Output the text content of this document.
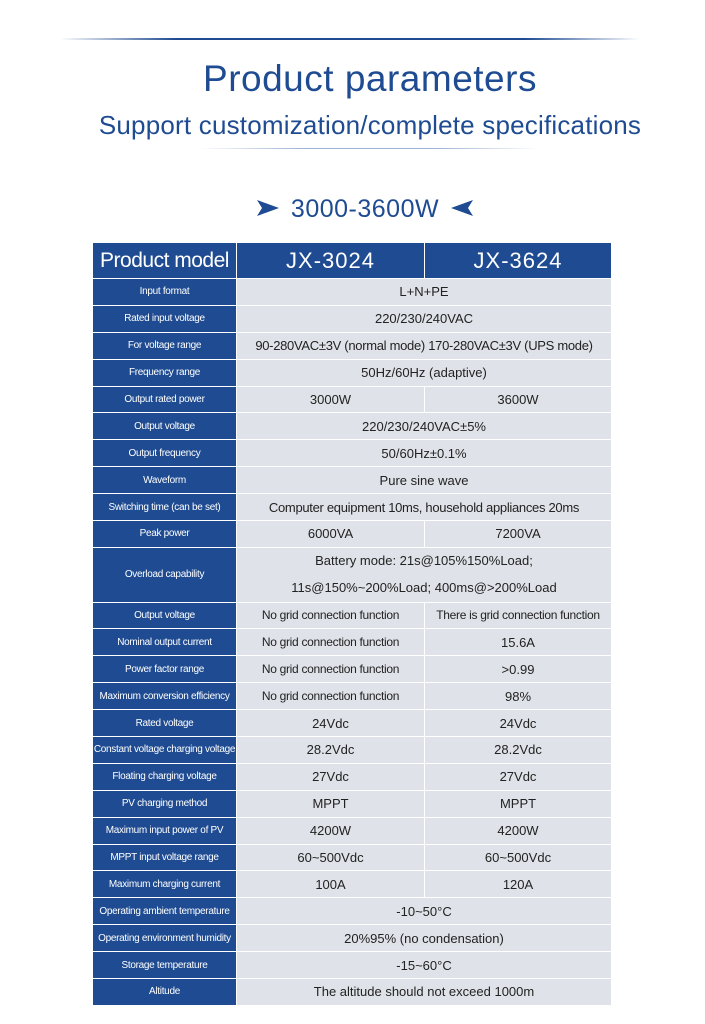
Product parameters
Support customization/complete specifications
3000-3600W
Product model	JX-3024	JX-3624
Input format	L+N+PE	
Rated input voltage	220/230/240VAC	
For voltage range	90-280VAC±3V (normal mode) 170-280VAC±3V (UPS mode)	
Frequency range	50Hz/60Hz (adaptive)	
Output rated power	3000W	3600W
Output voltage	220/230/240VAC±5%	
Output frequency	50/60Hz±0.1%	
Waveform	Pure sine wave	
Switching time (can be set)	Computer equipment 10ms, household appliances 20ms	
Peak power	6000VA	7200VA
Overload capability	Battery mode: 21s@105%150%Load;
11s@150%~200%Load; 400ms@>200%Load	

Output voltage	No grid connection function	There is grid connection function
Nominal output current	No grid connection function	15.6A
Power factor range	No grid connection function	>0.99
Maximum conversion efficiency	No grid connection function	98%
Rated voltage	24Vdc	24Vdc
Constant voltage charging voltage	28.2Vdc	28.2Vdc
Floating charging voltage	27Vdc	27Vdc
PV charging method	MPPT	MPPT
Maximum input power of PV	4200W	4200W
MPPT input voltage range	60~500Vdc	60~500Vdc
Maximum charging current	100A	120A
Operating ambient temperature	-10~50°C	
Operating environment humidity	20%95% (no condensation)	
Storage temperature	-15~60°C	
Altitude	The altitude should not exceed 1000m	
